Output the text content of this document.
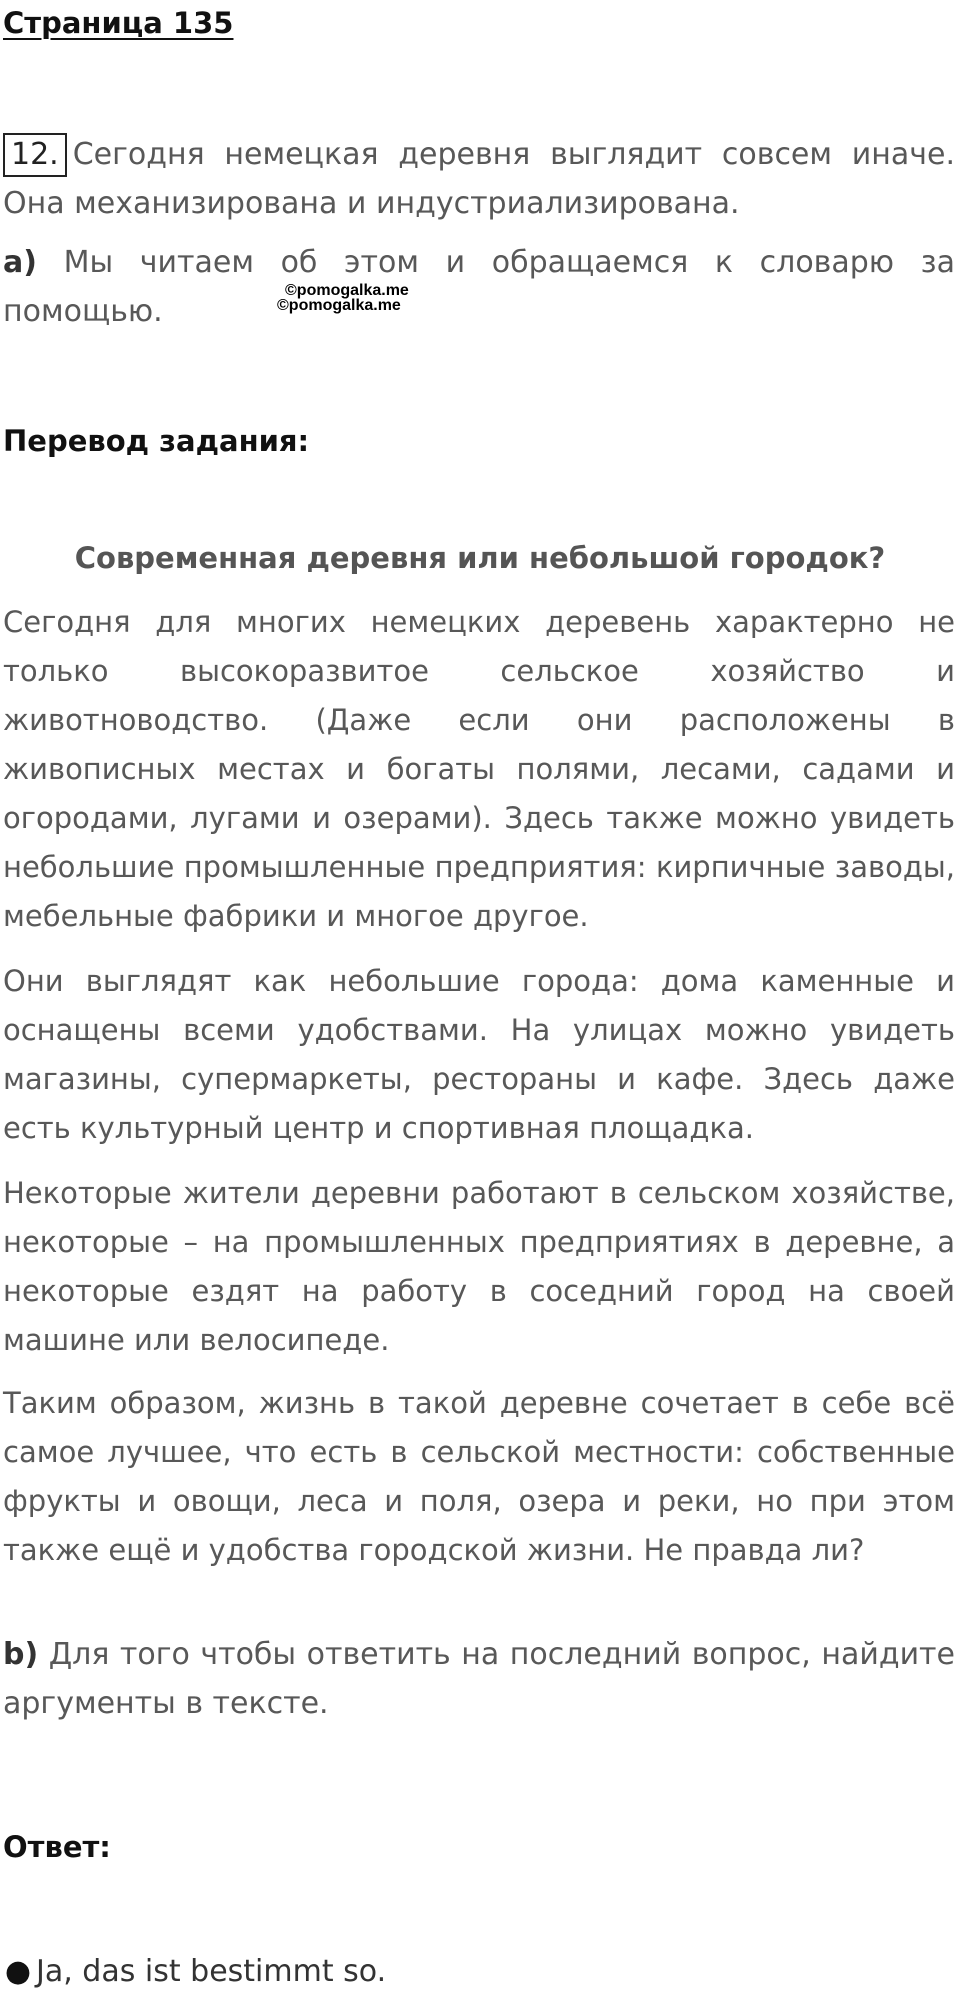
Страница 135

12. Сегодня немецкая деревня выглядит совсем иначе. Она механизирована и индустриализирована.

а) Мы читаем об этом и обращаемся к словарю за помощью.

©pomogalka.me
©pomogalka.me
Перевод задания:
Современная деревня или небольшой городок?

Сегодня для многих немецких деревень характерно не только высокоразвитое сельское хозяйство и животноводство. (Даже если они расположены в живописных местах и богаты полями, лесами, садами и огородами, лугами и озерами). Здесь также можно увидеть небольшие промышленные предприятия: кирпичные заводы, мебельные фабрики и многое другое.

Они выглядят как небольшие города: дома каменные и оснащены всеми удобствами. На улицах можно увидеть магазины, супермаркеты, рестораны и кафе. Здесь даже есть культурный центр и спортивная площадка.

Некоторые жители деревни работают в сельском хозяйстве, некоторые – на промышленных предприятиях в деревне, а некоторые ездят на работу в соседний город на своей машине или велосипеде.

Таким образом, жизнь в такой деревне сочетает в себе всё самое лучшее, что есть в сельской местности: собственные фрукты и овощи, леса и поля, озера и реки, но при этом также ещё и удобства городской жизни. Не правда ли?

b) Для того чтобы ответить на последний вопрос, найдите аргументы в тексте.

Ответ:
● Ja, das ist bestimmt so.
